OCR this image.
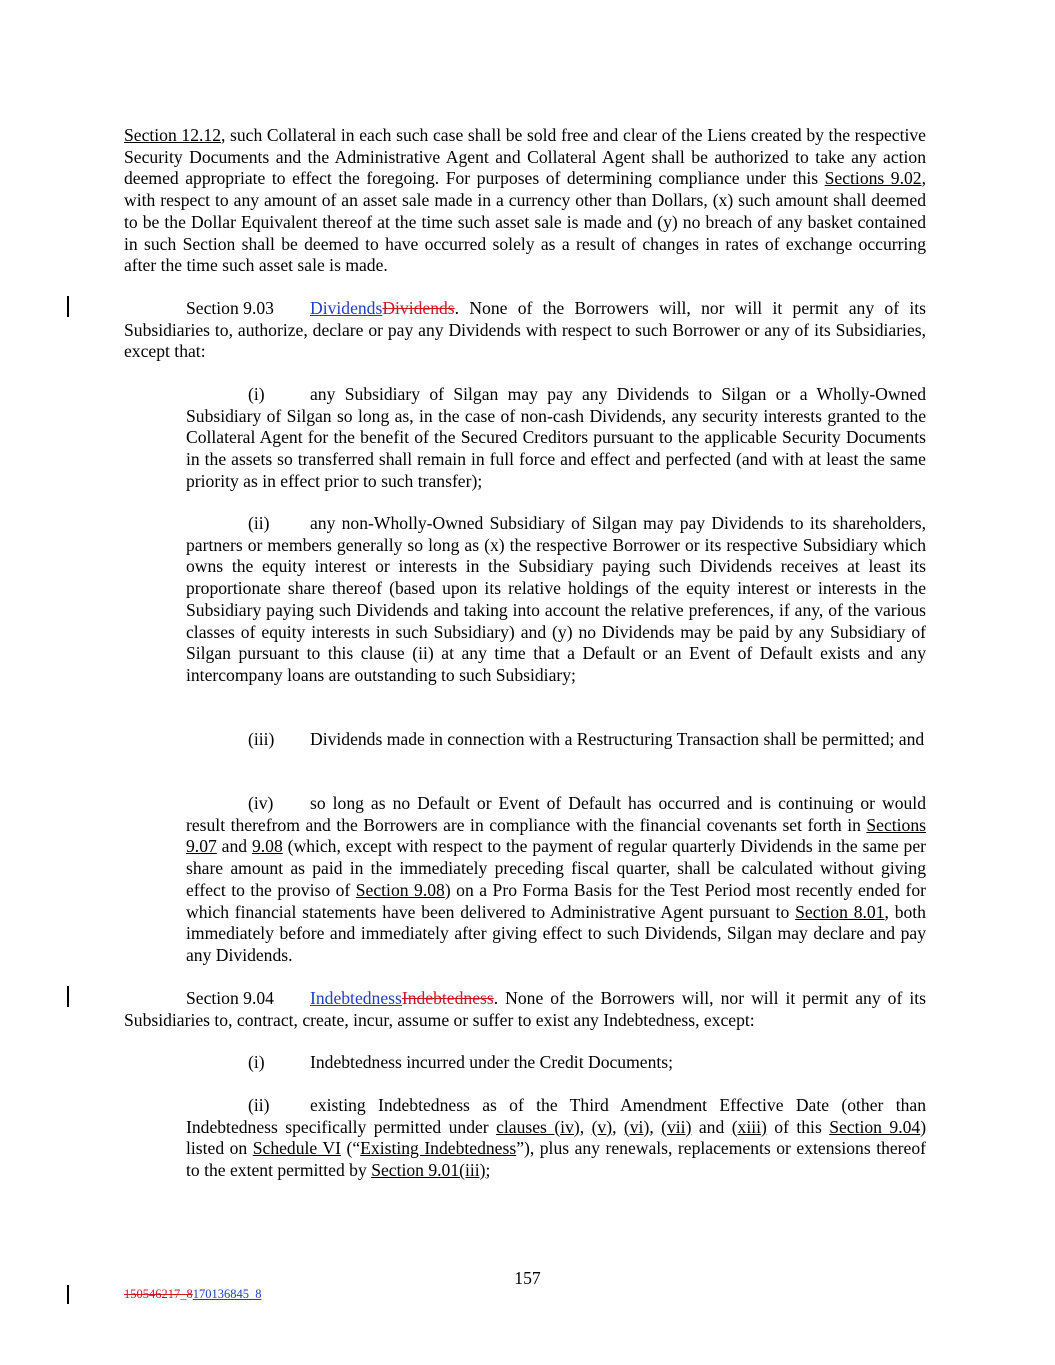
Section 12.12, such Collateral in each such case shall be sold free and clear of the Liens created by the respective Security Documents and the Administrative Agent and Collateral Agent shall be authorized to take any action deemed appropriate to effect the foregoing. For purposes of determining compliance under this Sections 9.02, with respect to any amount of an asset sale made in a currency other than Dollars, (x) such amount shall deemed to be the Dollar Equivalent thereof at the time such asset sale is made and (y) no breach of any basket contained in such Section shall be deemed to have occurred solely as a result of changes in rates of exchange occurring after the time such asset sale is made.

Section 9.03 DividendsDividends. None of the Borrowers will, nor will it permit any of its Subsidiaries to, authorize, declare or pay any Dividends with respect to such Borrower or any of its Subsidiaries, except that:

(i)	any Subsidiary of Silgan may pay any Dividends to Silgan or a Wholly-Owned Subsidiary of Silgan so long as, in the case of non-cash Dividends, any security interests granted to the Collateral Agent for the benefit of the Secured Creditors pursuant to the applicable Security Documents in the assets so transferred shall remain in full force and effect and perfected (and with at least the same priority as in effect prior to such transfer);

(ii) any non-Wholly-Owned Subsidiary of Silgan may pay Dividends to its shareholders, partners or members generally so long as (x) the respective Borrower or its respective Subsidiary which owns the equity interest or interests in the Subsidiary paying such Dividends receives at least its proportionate share thereof (based upon its relative holdings of the equity interest or interests in the Subsidiary paying such Dividends and taking into account the relative preferences, if any, of the various classes of equity interests in such Subsidiary) and (y) no Dividends may be paid by any Subsidiary of Silgan pursuant to this clause (ii) at any time that a Default or an Event of Default exists and any intercompany loans are outstanding to such Subsidiary;

(iii) Dividends made in connection with a Restructuring Transaction shall be permitted; and

(iv) so long as no Default or Event of Default has occurred and is continuing or would result therefrom and the Borrowers are in compliance with the financial covenants set forth in Sections 9.07 and 9.08 (which, except with respect to the payment of regular quarterly Dividends in the same per share amount as paid in the immediately preceding fiscal quarter, shall be calculated without giving effect to the proviso of Section 9.08) on a Pro Forma Basis for the Test Period most recently ended for which financial statements have been delivered to Administrative Agent pursuant to Section 8.01, both immediately before and immediately after giving effect to such Dividends, Silgan may declare and pay any Dividends.

Section 9.04 IndebtednessIndebtedness. None of the Borrowers will, nor will it permit any of its Subsidiaries to, contract, create, incur, assume or suffer to exist any Indebtedness, except:

(i)	Indebtedness incurred under the Credit Documents;

(ii) existing Indebtedness as of the Third Amendment Effective Date (other than Indebtedness specifically permitted under clauses (iv), (v), (vi), (vii) and (xiii) of this Section 9.04) listed on Schedule VI (“Existing Indebtedness”), plus any renewals, replacements or extensions thereof to the extent permitted by Section 9.01(iii);

157
150546217_8170136845_8
